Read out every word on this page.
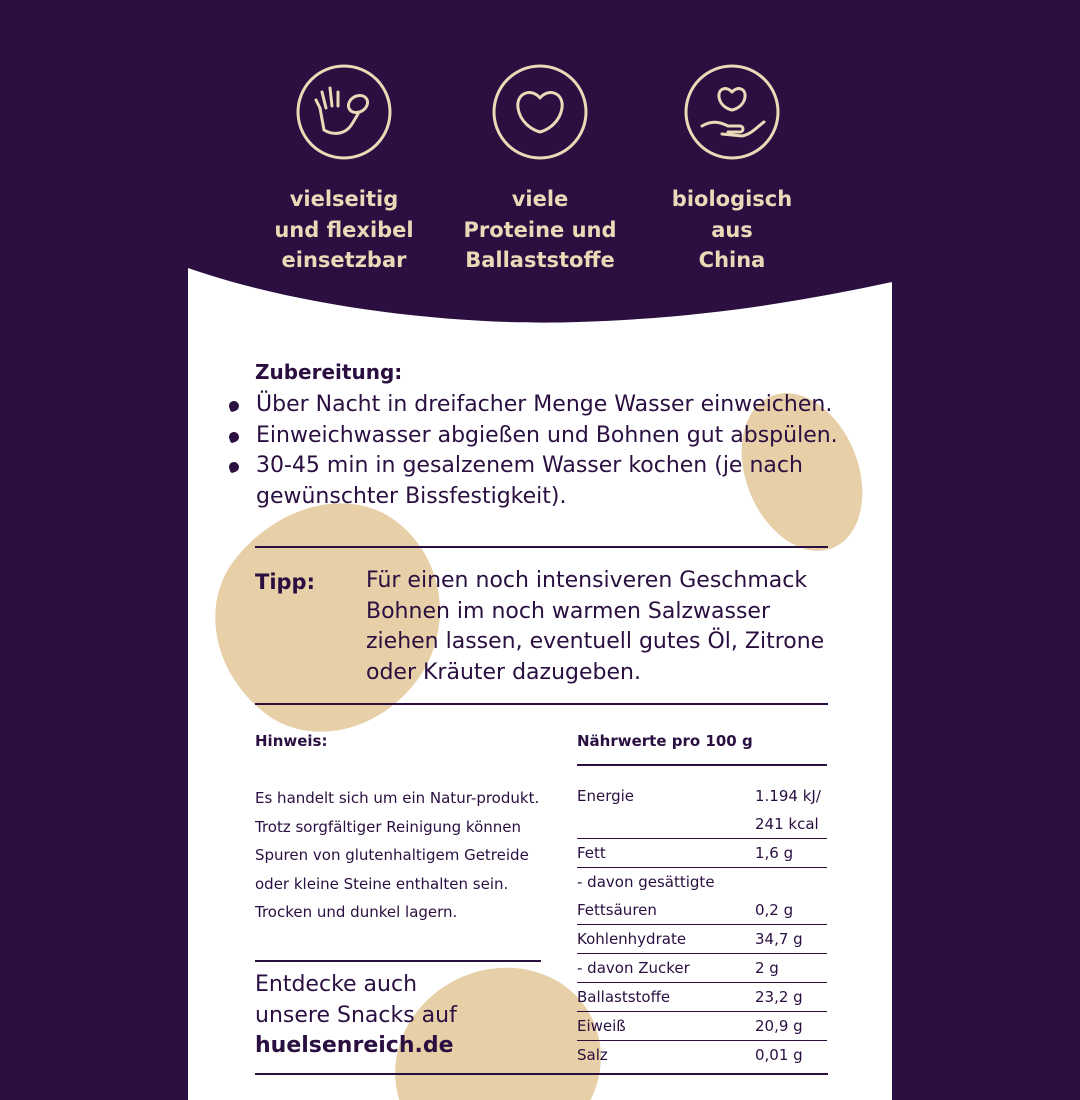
vielseitig
und flexibel
einsetzbar
viele
Proteine und
Ballaststoffe
biologisch
aus
China
Zubereitung:
Über Nacht in dreifacher Menge Wasser einweichen.
Einweichwasser abgießen und Bohnen gut abspülen.
30-45 min in gesalzenem Wasser kochen (je nach gewünschter Bissfestigkeit).
Tipp: Für einen noch intensiveren Geschmack Bohnen im noch warmen Salzwasser ziehen lassen, eventuell gutes Öl, Zitrone oder Kräuter dazugeben.
Hinweis:
Es handelt sich um ein Natur-produkt. Trotz sorgfältiger Reinigung können Spuren von glutenhaltigem Getreide oder kleine Steine enthalten sein. Trocken und dunkel lagern.
Entdecke auch
unsere Snacks auf
huelsenreich.de
Nährwerte pro 100 g
Energie	1.194 kJ/
241 kcal
Fett	1,6 g
- davon gesättigte
Fettsäuren	0,2 g
Kohlenhydrate	34,7 g
- davon Zucker	2 g
Ballaststoffe	23,2 g
Eiweiß	20,9 g
Salz	0,01 g
